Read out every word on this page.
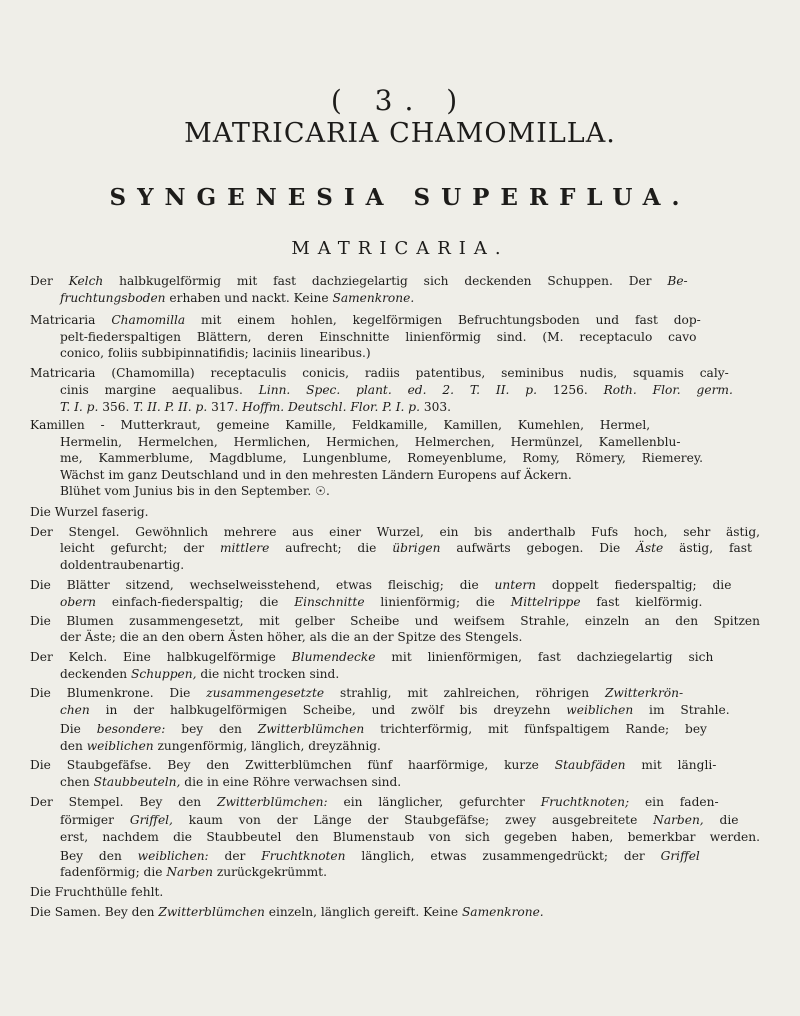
( 3. )
MATRICARIA CHAMOMILLA.
SYNGENESIA SUPERFLUA.
MATRICARIA.
Der Kelch halbkugelförmig mit fast dachziegelartig sich deckenden Schuppen. Der Be-
fruchtungsboden erhaben und nackt. Keine Samenkrone.
Matricaria Chamomilla mit einem hohlen, kegelförmigen Befruchtungsboden und fast dop-
pelt-fiederspaltigen Blättern, deren Einschnitte linienförmig sind. (M. receptaculo cavo
conico, foliis subbipinnatifidis; laciniis linearibus.)
Matricaria (Chamomilla) receptaculis conicis, radiis patentibus, seminibus nudis, squamis caly-
cinis margine aequalibus. Linn. Spec. plant. ed. 2. T. II. p. 1256. Roth. Flor. germ.
T. I. p. 356. T. II. P. II. p. 317. Hoffm. Deutschl. Flor. P. I. p. 303.
Kamillen - Mutterkraut, gemeine Kamille, Feldkamille, Kamillen, Kumehlen, Hermel,
Hermelin, Hermelchen, Hermlichen, Hermichen, Helmerchen, Hermünzel, Kamellenblu-
me, Kammerblume, Magdblume, Lungenblume, Romeyenblume, Romy, Römery, Riemerey.
Wächst im ganz Deutschland und in den mehresten Ländern Europens auf Äckern.
Blühet vom Junius bis in den September. ☉.
Die Wurzel faserig.
Der Stengel. Gewöhnlich mehrere aus einer Wurzel, ein bis anderthalb Fufs hoch, sehr ästig,
leicht gefurcht; der mittlere aufrecht; die übrigen aufwärts gebogen. Die Äste ästig, fast
doldentraubenartig.
Die Blätter sitzend, wechselweisstehend, etwas fleischig; die untern doppelt fiederspaltig; die
obern einfach-fiederspaltig; die Einschnitte linienförmig; die Mittelrippe fast kielförmig.
Die Blumen zusammengesetzt, mit gelber Scheibe und weifsem Strahle, einzeln an den Spitzen
der Äste; die an den obern Ästen höher, als die an der Spitze des Stengels.
Der Kelch. Eine halbkugelförmige Blumendecke mit linienförmigen, fast dachziegelartig sich
deckenden Schuppen, die nicht trocken sind.
Die Blumenkrone. Die zusammengesetzte strahlig, mit zahlreichen, röhrigen Zwitterkrön-
chen in der halbkugelförmigen Scheibe, und zwölf bis dreyzehn weiblichen im Strahle.
Die besondere: bey den Zwitterblümchen trichterförmig, mit fünfspaltigem Rande; bey
den weiblichen zungenförmig, länglich, dreyzähnig.
Die Staubgefäfse. Bey den Zwitterblümchen fünf haarförmige, kurze Staubfäden mit längli-
chen Staubbeuteln, die in eine Röhre verwachsen sind.
Der Stempel. Bey den Zwitterblümchen: ein länglicher, gefurchter Fruchtknoten; ein faden-
förmiger Griffel, kaum von der Länge der Staubgefäfse; zwey ausgebreitete Narben, die
erst, nachdem die Staubbeutel den Blumenstaub von sich gegeben haben, bemerkbar werden.
Bey den weiblichen: der Fruchtknoten länglich, etwas zusammengedrückt; der Griffel
fadenförmig; die Narben zurückgekrümmt.
Die Fruchthülle fehlt.
Die Samen. Bey den Zwitterblümchen einzeln, länglich gereift. Keine Samenkrone.
